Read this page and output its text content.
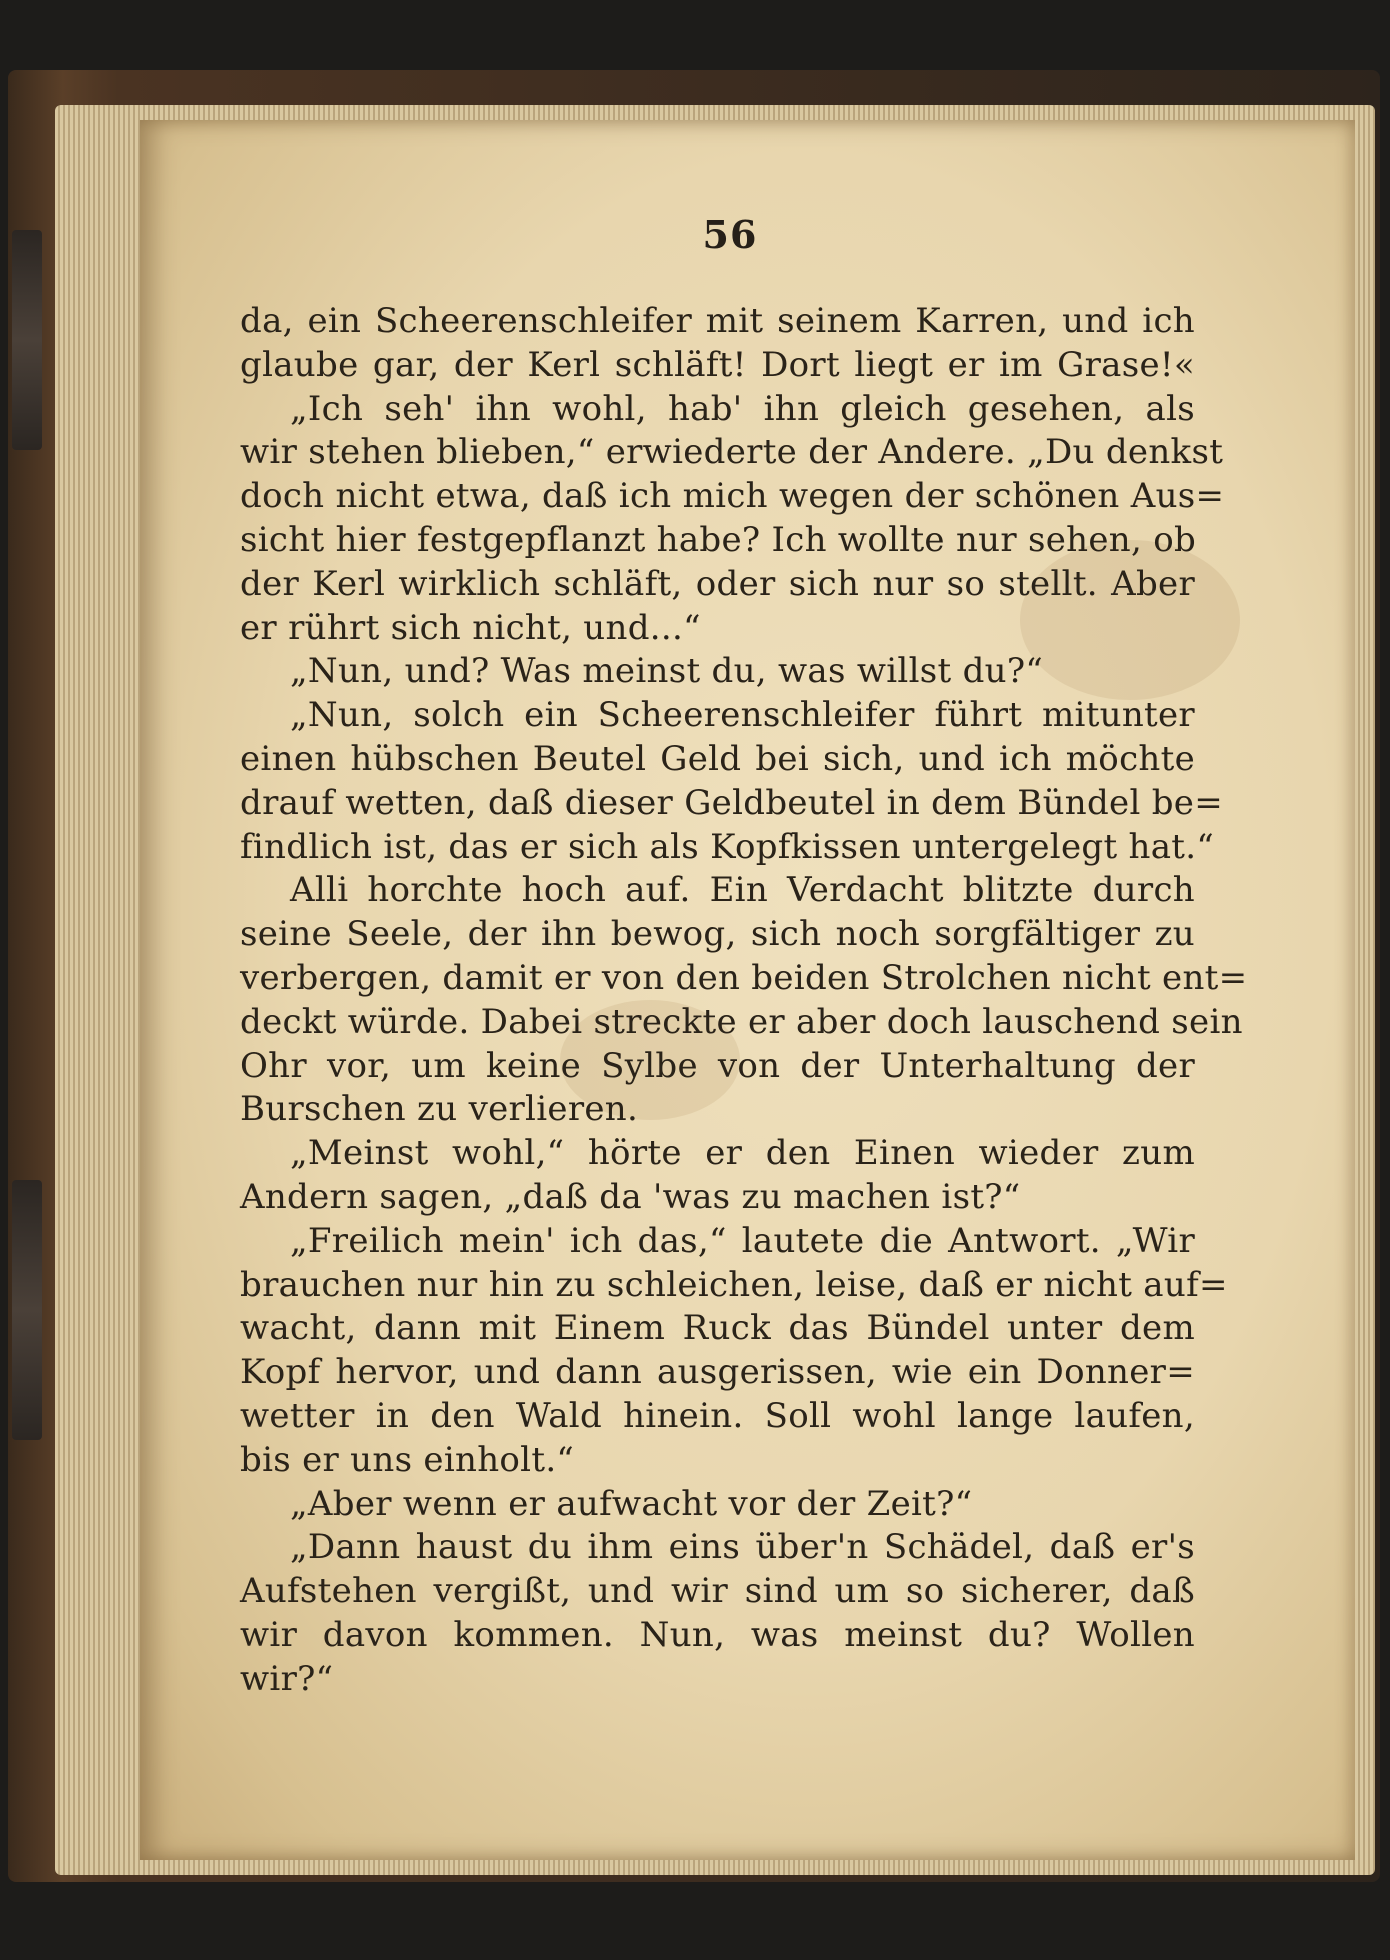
56
da, ein Scheerenschleifer mit seinem Karren, und ich
glaube gar, der Kerl schläft! Dort liegt er im Grase!«
„Ich seh' ihn wohl, hab' ihn gleich gesehen, als
wir stehen blieben,“ erwiederte der Andere. „Du denkst
doch nicht etwa, daß ich mich wegen der schönen Aus=
sicht hier festgepflanzt habe? Ich wollte nur sehen, ob
der Kerl wirklich schläft, oder sich nur so stellt. Aber
er rührt sich nicht, und...“
„Nun, und? Was meinst du, was willst du?“
„Nun, solch ein Scheerenschleifer führt mitunter
einen hübschen Beutel Geld bei sich, und ich möchte
drauf wetten, daß dieser Geldbeutel in dem Bündel be=
findlich ist, das er sich als Kopfkissen untergelegt hat.“
Alli horchte hoch auf. Ein Verdacht blitzte durch
seine Seele, der ihn bewog, sich noch sorgfältiger zu
verbergen, damit er von den beiden Strolchen nicht ent=
deckt würde. Dabei streckte er aber doch lauschend sein
Ohr vor, um keine Sylbe von der Unterhaltung der
Burschen zu verlieren.
„Meinst wohl,“ hörte er den Einen wieder zum
Andern sagen, „daß da 'was zu machen ist?“
„Freilich mein' ich das,“ lautete die Antwort. „Wir
brauchen nur hin zu schleichen, leise, daß er nicht auf=
wacht, dann mit Einem Ruck das Bündel unter dem
Kopf hervor, und dann ausgerissen, wie ein Donner=
wetter in den Wald hinein. Soll wohl lange laufen,
bis er uns einholt.“
„Aber wenn er aufwacht vor der Zeit?“
„Dann haust du ihm eins über'n Schädel, daß er's
Aufstehen vergißt, und wir sind um so sicherer, daß
wir davon kommen. Nun, was meinst du? Wollen
wir?“
